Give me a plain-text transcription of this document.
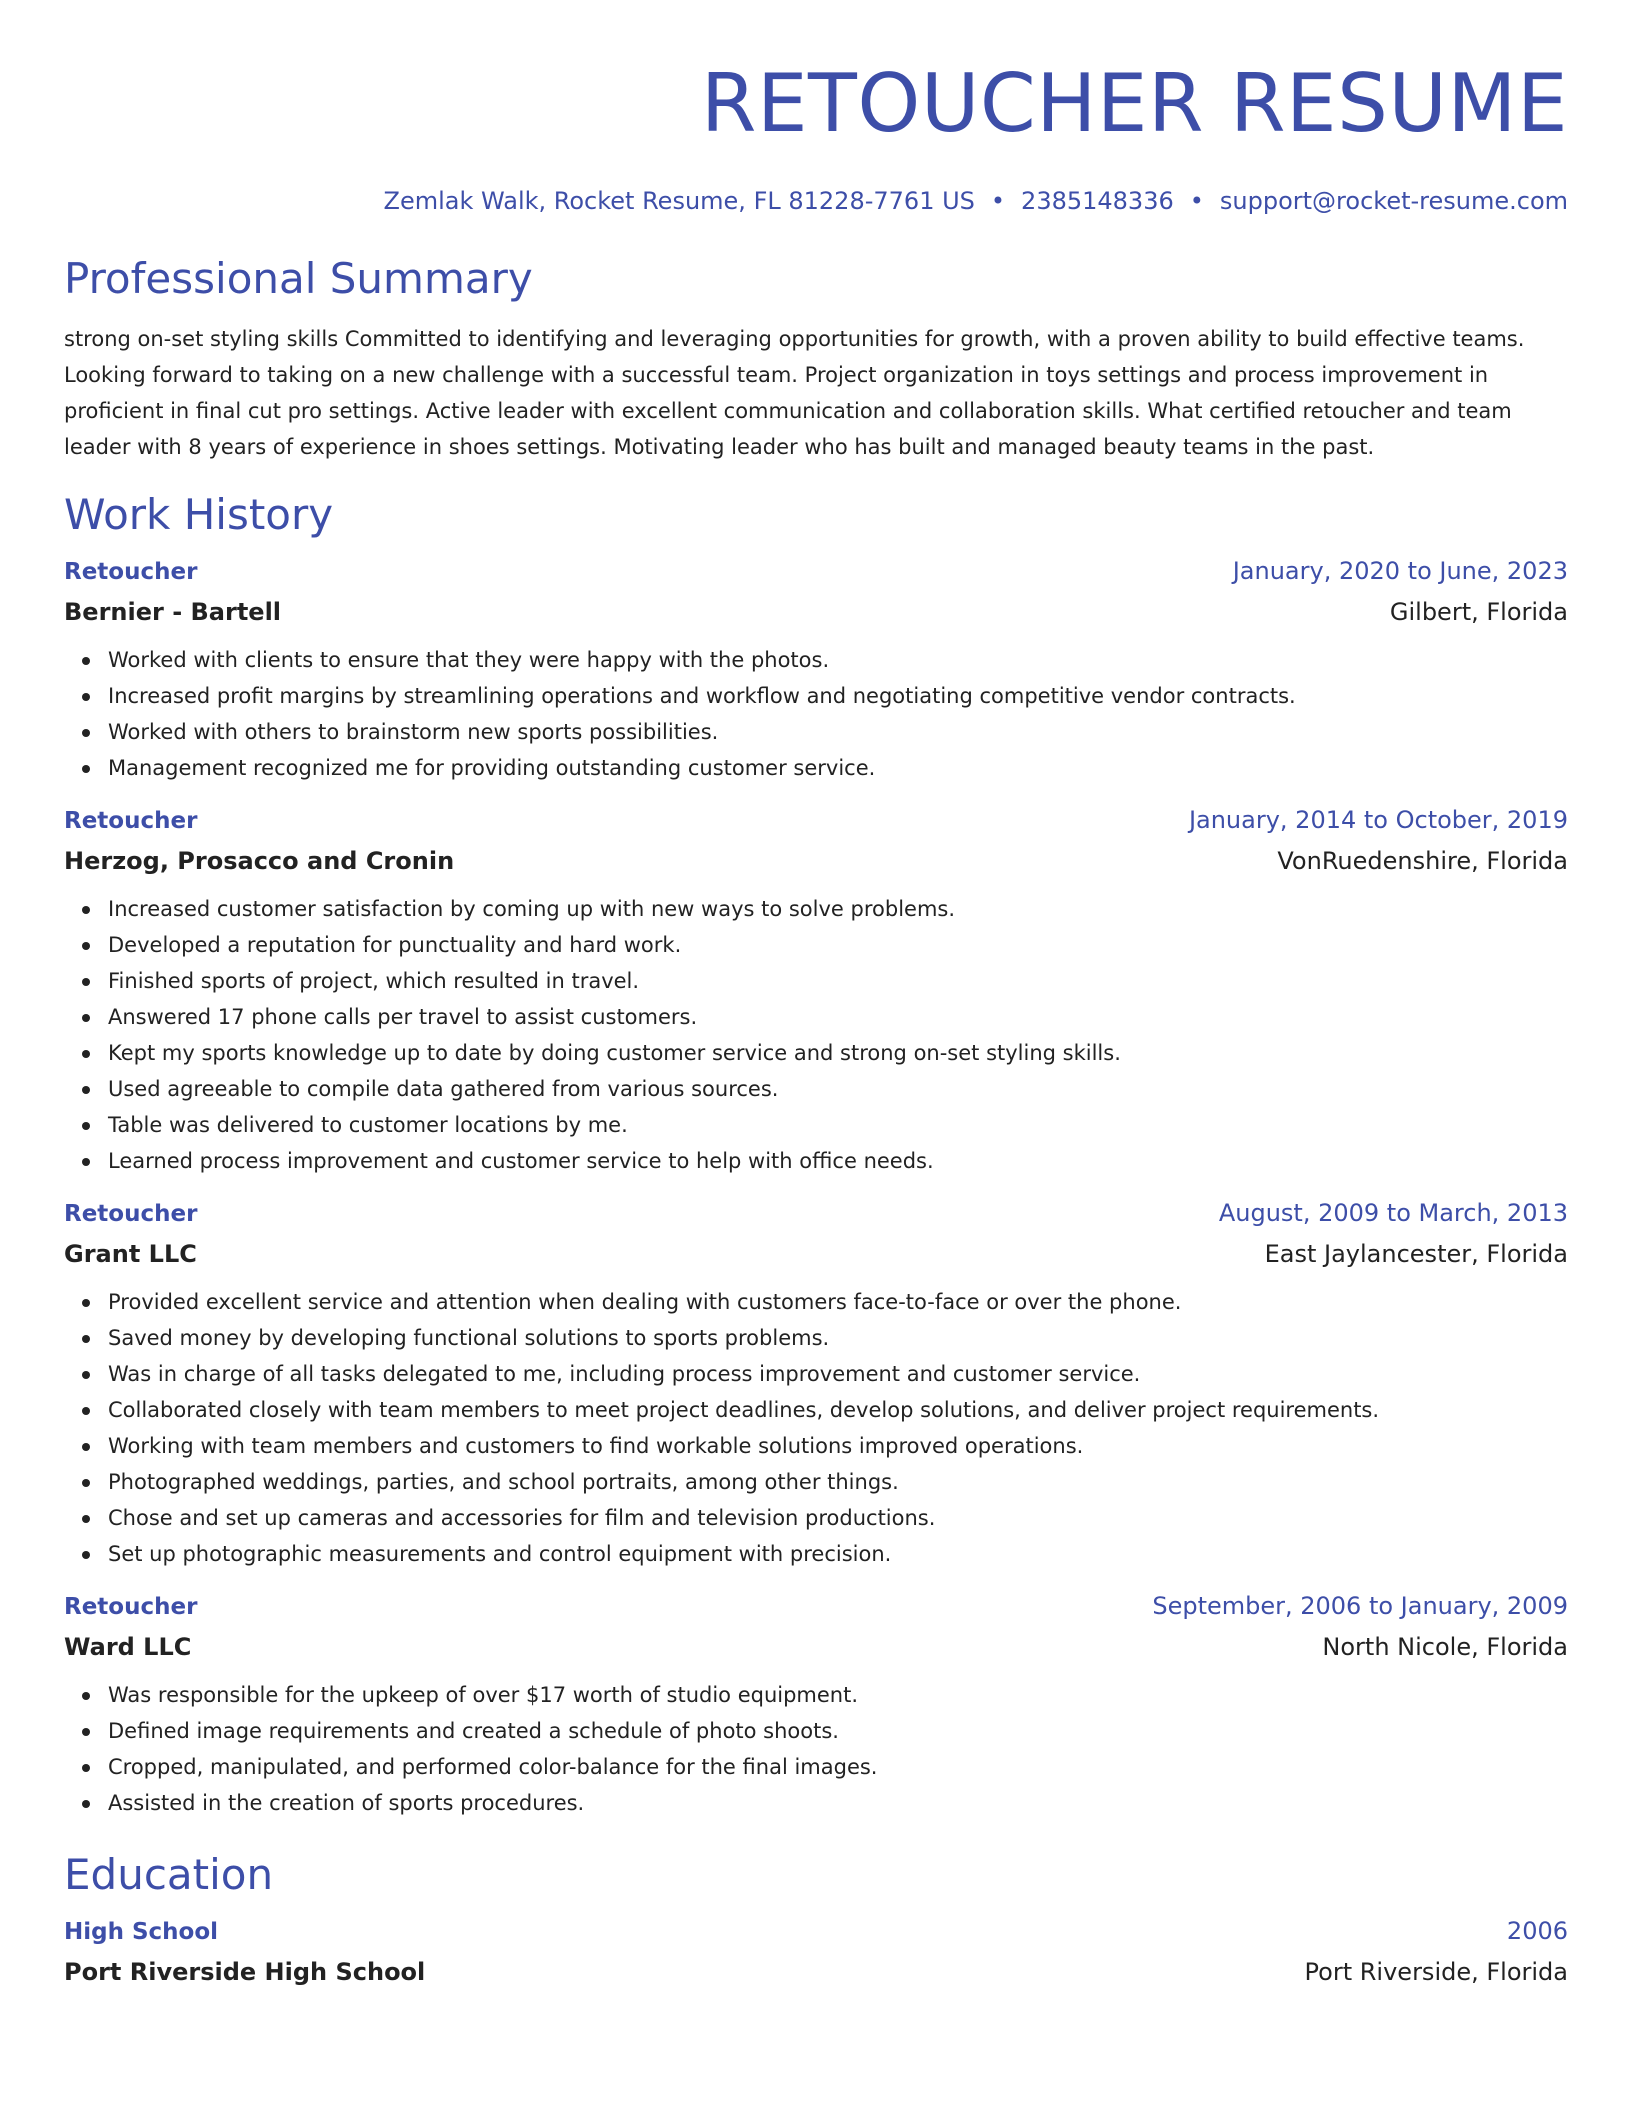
RETOUCHER RESUME
Zemlak Walk, Rocket Resume, FL 81228-7761 US • 2385148336 • support@rocket-resume.com
Professional Summary

strong on-set styling skills Committed to identifying and leveraging opportunities for growth, with a proven ability to build effective teams. Looking forward to taking on a new challenge with a successful team. Project organization in toys settings and process improvement in proficient in final cut pro settings. Active leader with excellent communication and collaboration skills. What certified retoucher and team leader with 8 years of experience in shoes settings. Motivating leader who has built and managed beauty teams in the past.

Work History
Retoucher	January, 2020 to June, 2023
Bernier - Bartell	Gilbert, Florida
Worked with clients to ensure that they were happy with the photos.
Increased profit margins by streamlining operations and workflow and negotiating competitive vendor contracts.
Worked with others to brainstorm new sports possibilities.
Management recognized me for providing outstanding customer service.
Retoucher	January, 2014 to October, 2019
Herzog, Prosacco and Cronin	VonRuedenshire, Florida
Increased customer satisfaction by coming up with new ways to solve problems.
Developed a reputation for punctuality and hard work.
Finished sports of project, which resulted in travel.
Answered 17 phone calls per travel to assist customers.
Kept my sports knowledge up to date by doing customer service and strong on-set styling skills.
Used agreeable to compile data gathered from various sources.
Table was delivered to customer locations by me.
Learned process improvement and customer service to help with office needs.
Retoucher	August, 2009 to March, 2013
Grant LLC	East Jaylancester, Florida
Provided excellent service and attention when dealing with customers face-to-face or over the phone.
Saved money by developing functional solutions to sports problems.
Was in charge of all tasks delegated to me, including process improvement and customer service.
Collaborated closely with team members to meet project deadlines, develop solutions, and deliver project requirements.
Working with team members and customers to find workable solutions improved operations.
Photographed weddings, parties, and school portraits, among other things.
Chose and set up cameras and accessories for film and television productions.
Set up photographic measurements and control equipment with precision.
Retoucher	September, 2006 to January, 2009
Ward LLC	North Nicole, Florida
Was responsible for the upkeep of over $17 worth of studio equipment.
Defined image requirements and created a schedule of photo shoots.
Cropped, manipulated, and performed color-balance for the final images.
Assisted in the creation of sports procedures.
Education
High School	2006
Port Riverside High School	Port Riverside, Florida
